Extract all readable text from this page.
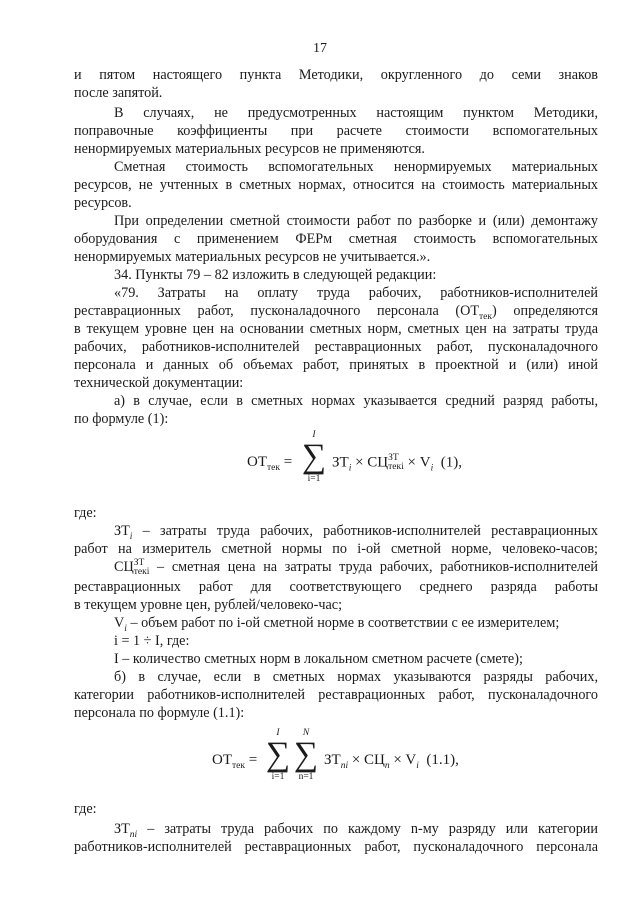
17
и пятом настоящего пункта Методики, округленного до семи знаков
после запятой.
В случаях, не предусмотренных настоящим пунктом Методики,
поправочные коэффициенты при расчете стоимости вспомогательных
ненормируемых материальных ресурсов не применяются.
Сметная стоимость вспомогательных ненормируемых материальных
ресурсов, не учтенных в сметных нормах, относится на стоимость материальных
ресурсов.
При определении сметной стоимости работ по разборке и (или) демонтажу
оборудования с применением ФЕРм сметная стоимость вспомогательных
ненормируемых материальных ресурсов не учитывается.».
34. Пункты 79 – 82 изложить в следующей редакции:
«79. Затраты на оплату труда рабочих, работников-исполнителей
реставрационных работ, пусконаладочного персонала $(ОТ_{тек})$ определяются
в текущем уровне цен на основании сметных норм, сметных цен на затраты труда
рабочих, работников-исполнителей реставрационных работ, пусконаладочного
персонала и данных об объемах работ, принятых в проектной и (или) иной
технической документации:
а) в случае, если в сметных нормах указывается средний разряд работы,
по формуле (1):
$ОТ_{тек}$ =
I
∑
i=1
$ЗТ_i$ × СЦ ЗТ
текi × $V_i$ (1),
где:
$ЗТ_i$ – затраты труда рабочих, работников-исполнителей реставрационных
работ на измеритель сметной нормы по i-ой сметной норме, человеко-часов;
СЦ ЗТ
текi – сметная цена на затраты труда рабочих, работников-исполнителей
реставрационных работ для соответствующего среднего разряда работы
в текущем уровне цен, рублей/человеко-час;
$V_i$ – объем работ по i-ой сметной норме в соответствии с ее измерителем;
i = 1 ÷ I, где:
I – количество сметных норм в локальном сметном расчете (смете);
б) в случае, если в сметных нормах указываются разряды рабочих,
категории работников-исполнителей реставрационных работ, пусконаладочного
персонала по формуле (1.1):
$ОТ_{тек}$ =
I
∑
i=1
N
∑
n=1
$ЗТ_{ni} \times СЦ_n \times V_i$ (1.1),
где:
$ЗТ_{ni}$ – затраты труда рабочих по каждому n-му разряду или категории
работников-исполнителей реставрационных работ, пусконаладочного персонала
